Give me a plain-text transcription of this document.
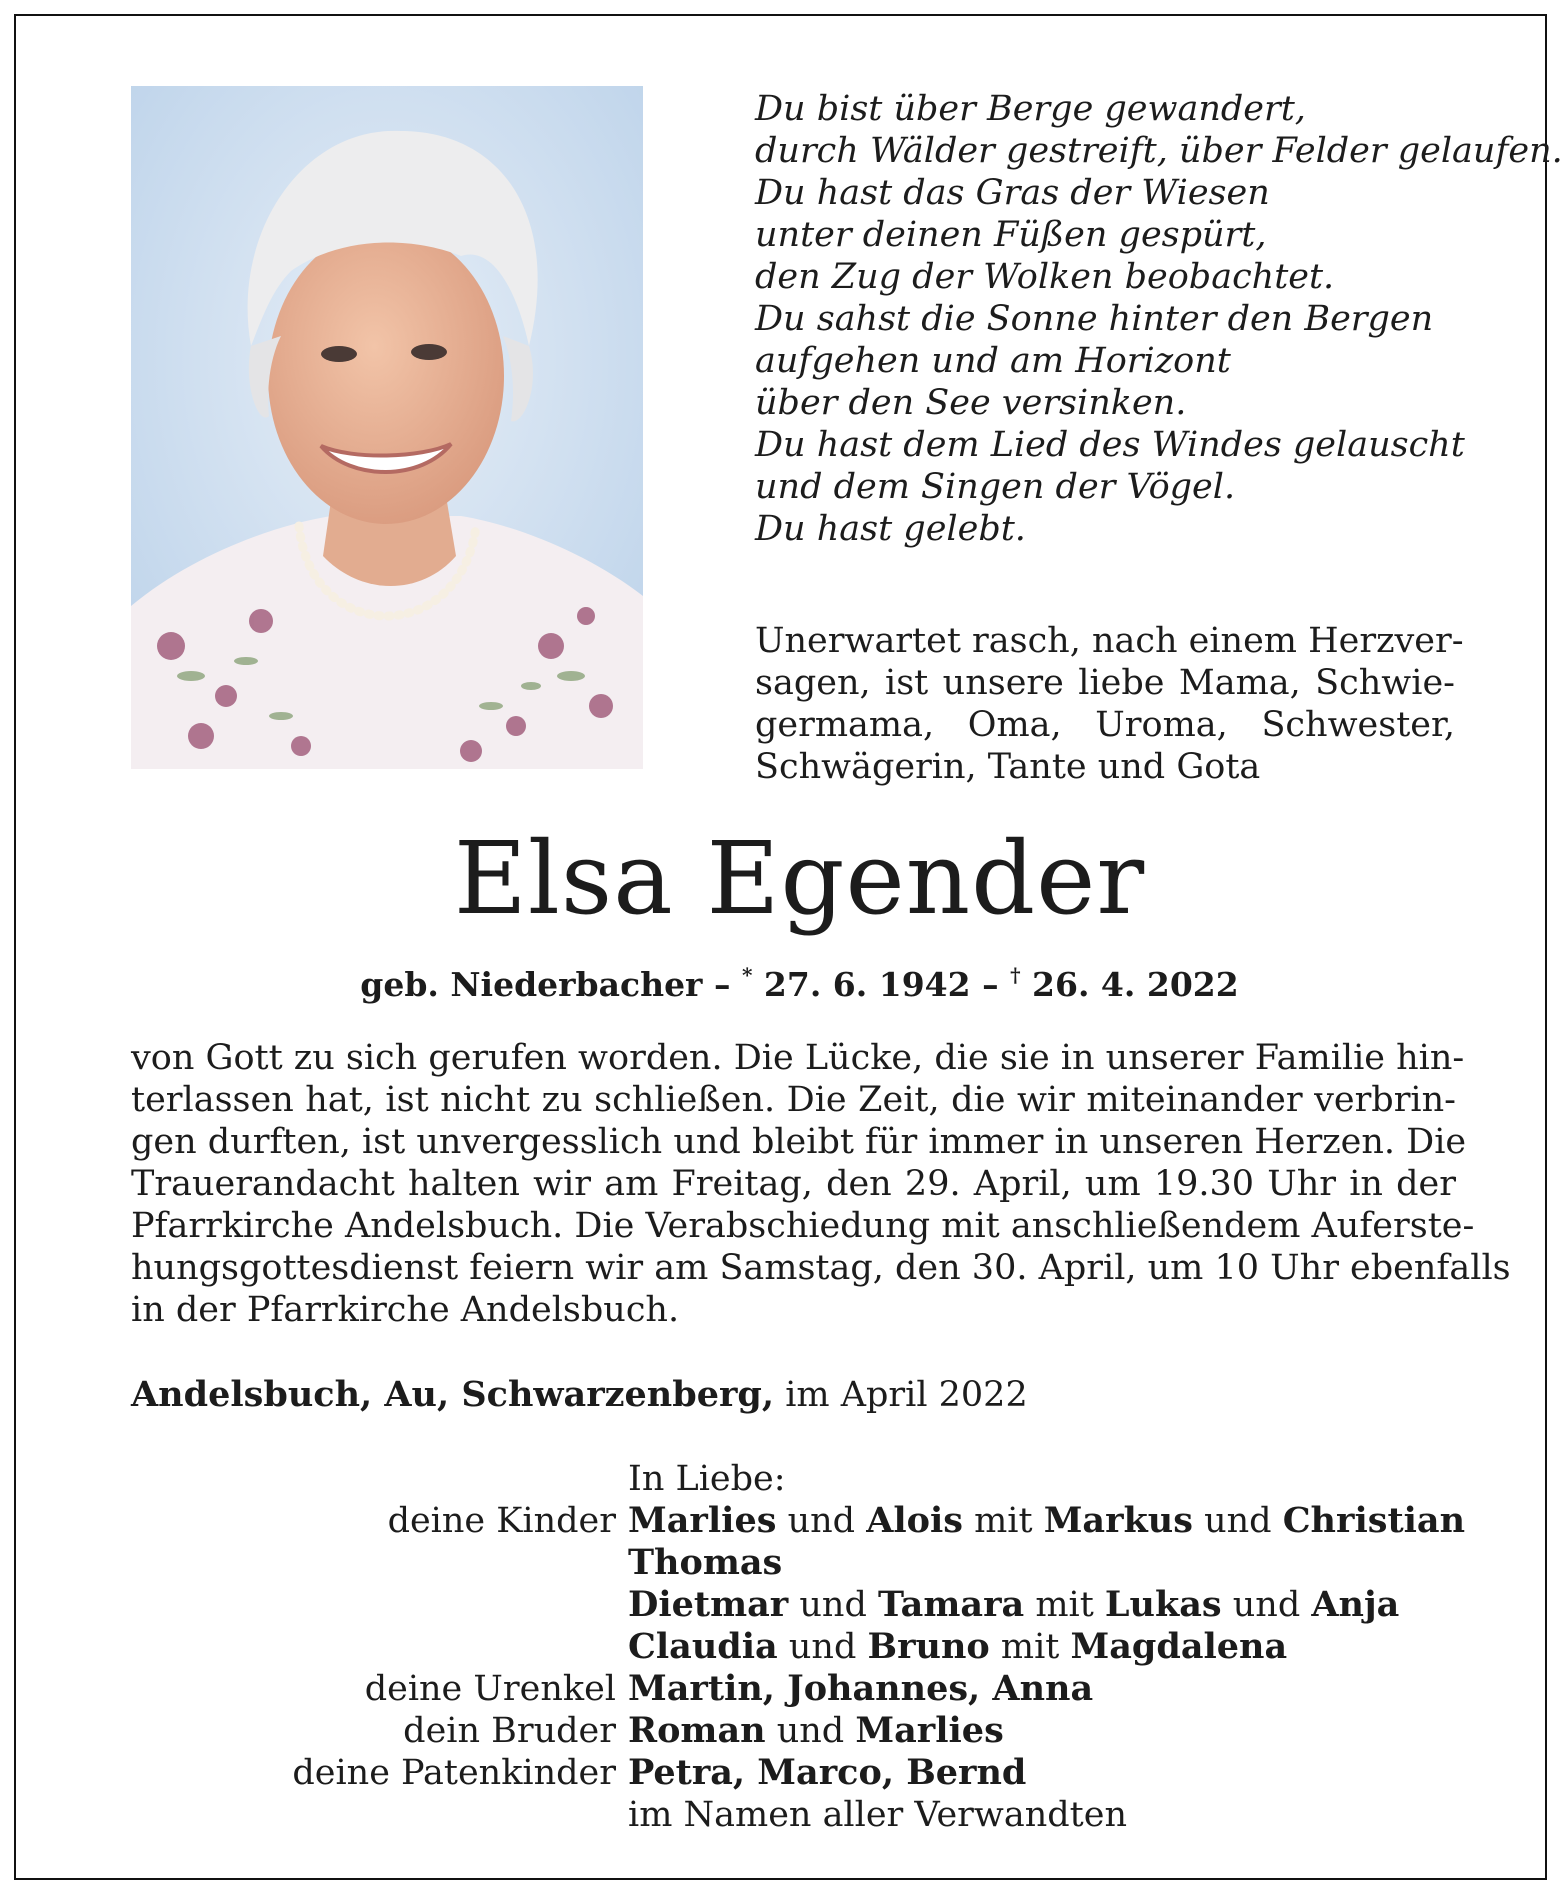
Du bist über Berge gewandert,
durch Wälder gestreift, über Felder gelaufen.
Du hast das Gras der Wiesen
unter deinen Füßen gespürt,
den Zug der Wolken beobachtet.
Du sahst die Sonne hinter den Bergen
aufgehen und am Horizont
über den See versinken.
Du hast dem Lied des Windes gelauscht
und dem Singen der Vögel.
Du hast gelebt.
Unerwartet rasch, nach einem Herzver-
sagen, ist unsere liebe Mama, Schwie-
germama, Oma, Uroma, Schwester,
Schwägerin, Tante und Gota
Elsa Egender
geb. Niederbacher – * 27. 6. 1942 – † 26. 4. 2022
von Gott zu sich gerufen worden. Die Lücke, die sie in unserer Familie hin-
terlassen hat, ist nicht zu schließen. Die Zeit, die wir miteinander verbrin-
gen durften, ist unvergesslich und bleibt für immer in unseren Herzen. Die
Trauerandacht halten wir am Freitag, den 29. April, um 19.30 Uhr in der
Pfarrkirche Andelsbuch. Die Verabschiedung mit anschließendem Auferste-
hungsgottesdienst feiern wir am Samstag, den 30. April, um 10 Uhr ebenfalls
in der Pfarrkirche Andelsbuch.
Andelsbuch, Au, Schwarzenberg, im April 2022
In Liebe:
deine Kinder Marlies und Alois mit Markus und Christian
Thomas
Dietmar und Tamara mit Lukas und Anja
Claudia und Bruno mit Magdalena
deine Urenkel Martin, Johannes, Anna
dein Bruder Roman und Marlies
deine Patenkinder Petra, Marco, Bernd
im Namen aller Verwandten
